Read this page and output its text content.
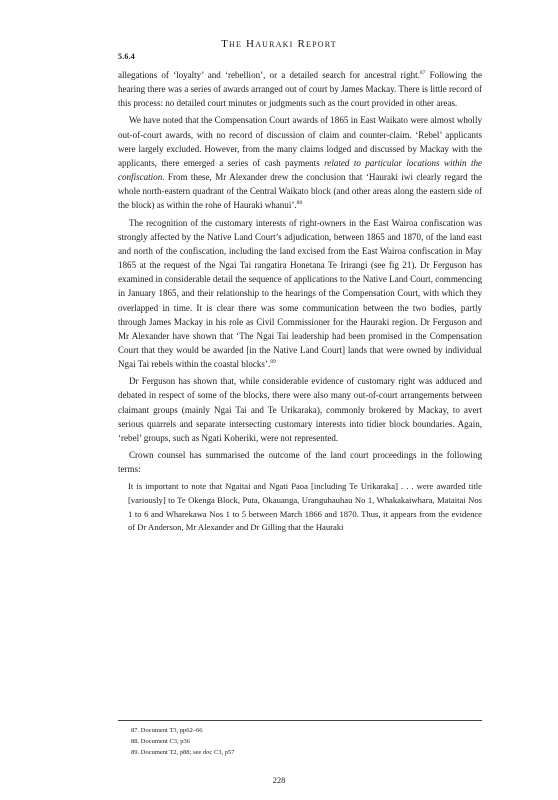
5.6.4
The Hauraki Report

allegations of ‘loyalty’ and ‘rebellion’, or a detailed search for ancestral right.$^{87}$ Following the hearing there was a series of awards arranged out of court by James Mackay. There is little record of this process: no detailed court minutes or judgments such as the court provided in other areas.

We have noted that the Compensation Court awards of 1865 in East Waikato were almost wholly out-of-court awards, with no record of discussion of claim and counter-claim. ‘Rebel’ applicants were largely excluded. However, from the many claims lodged and discussed by Mackay with the applicants, there emerged a series of cash payments related to particular locations within the confiscation. From these, Mr Alexander drew the conclusion that ‘Hauraki iwi clearly regard the whole north-eastern quadrant of the Central Waikato block (and other areas along the eastern side of the block) as within the rohe of Hauraki whanui’.$^{88}$

The recognition of the customary interests of right-owners in the East Wairoa confiscation was strongly affected by the Native Land Court’s adjudication, between 1865 and 1870, of the land east and north of the confiscation, including the land excised from the East Wairoa confiscation in May 1865 at the request of the Ngai Tai rangatira Honetana Te Irirangi (see fig 21). Dr Ferguson has examined in considerable detail the sequence of applications to the Native Land Court, commencing in January 1865, and their relationship to the hearings of the Compensation Court, with which they overlapped in time. It is clear there was some communication between the two bodies, partly through James Mackay in his role as Civil Commissioner for the Hauraki region. Dr Ferguson and Mr Alexander have shown that ‘The Ngai Tai leadership had been promised in the Compensation Court that they would be awarded [in the Native Land Court] lands that were owned by individual Ngai Tai rebels within the coastal blocks’.$^{89}$

Dr Ferguson has shown that, while considerable evidence of customary right was adduced and debated in respect of some of the blocks, there were also many out-of-court arrangements between claimant groups (mainly Ngai Tai and Te Urikaraka), commonly brokered by Mackay, to avert serious quarrels and separate intersecting customary interests into tidier block boundaries. Again, ‘rebel’ groups, such as Ngati Koheriki, were not represented.

Crown counsel has summarised the outcome of the land court proceedings in the following terms:

It is important to note that Ngaitai and Ngati Paoa [including Te Urikaraka] . . . were awarded title [variously] to Te Okenga Block, Puta, Okauanga, Uranguhauhau No 1, Whakakaiwhara, Mataitai Nos 1 to 6 and Wharekawa Nos 1 to 5 between March 1866 and 1870. Thus, it appears from the evidence of Dr Anderson, Mr Alexander and Dr Gilling that the Hauraki

87. Document T3, pp62–66
88. Document C3, p36
89. Document T2, p88; see doc C3, p57
228
